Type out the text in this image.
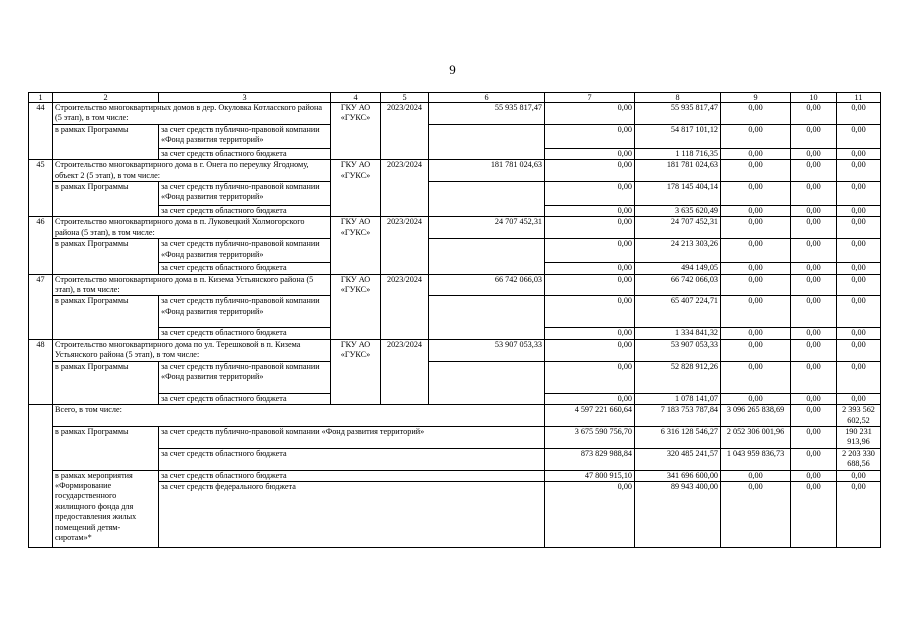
9
1	2	3	4	5	6	7	8	9	10	11
44	Строительство многоквартирных домов в дер. Окуловка Котласского района (5 этап), в том числе:		ГКУ АО «ГУКС»	2023/2024	55 935 817,47	0,00	55 935 817,47	0,00	0,00	0,00
	в рамках Программы	за счет средств публично-правовой компании «Фонд развития территорий»				0,00	54 817 101,12	0,00	0,00	0,00
		за счет средств областного бюджета				0,00	1 118 716,35	0,00	0,00	0,00
45	Строительство многоквартирного дома в г. Онега по переулку Ягодному, объект 2 (5 этап), в том числе:		ГКУ АО «ГУКС»	2023/2024	181 781 024,63	0,00	181 781 024,63	0,00	0,00	0,00
	в рамках Программы	за счет средств публично-правовой компании «Фонд развития территорий»				0,00	178 145 404,14	0,00	0,00	0,00
		за счет средств областного бюджета				0,00	3 635 620,49	0,00	0,00	0,00
46	Строительство многоквартирного дома в п. Луковецкий Холмогорского района (5 этап), в том числе:		ГКУ АО «ГУКС»	2023/2024	24 707 452,31	0,00	24 707 452,31	0,00	0,00	0,00
	в рамках Программы	за счет средств публично-правовой компании «Фонд развития территорий»				0,00	24 213 303,26	0,00	0,00	0,00
		за счет средств областного бюджета				0,00	494 149,05	0,00	0,00	0,00
47	Строительство многоквартирного дома в п. Кизема Устьянского района (5 этап), в том числе:		ГКУ АО «ГУКС»	2023/2024	66 742 066,03	0,00	66 742 066,03	0,00	0,00	0,00
	в рамках Программы	за счет средств публично-правовой компании «Фонд развития территорий»				0,00	65 407 224,71	0,00	0,00	0,00
		за счет средств областного бюджета				0,00	1 334 841,32	0,00	0,00	0,00
48	Строительство многоквартирного дома по ул. Терешковой в п. Кизема Устьянского района (5 этап), в том числе:		ГКУ АО «ГУКС»	2023/2024	53 907 053,33	0,00	53 907 053,33	0,00	0,00	0,00
	в рамках Программы	за счет средств публично-правовой компании «Фонд развития территорий»				0,00	52 828 912,26	0,00	0,00	0,00
		за счет средств областного бюджета				0,00	1 078 141,07	0,00	0,00	0,00
	Всего, в том числе:					4 597 221 660,64	7 183 753 787,84	3 096 265 838,69	0,00	2 393 562 602,52
	в рамках Программы	за счет средств публично-правовой компании «Фонд развития территорий»				3 675 590 756,70	6 316 128 546,27	2 052 306 001,96	0,00	190 231 913,96
		за счет средств областного бюджета				873 829 988,84	320 485 241,57	1 043 959 836,73	0,00	2 203 330 688,56
	в рамках мероприятия «Формирование государственного жилищного фонда для предоставления жилых помещений детям-сиротам»*	за счет средств областного бюджета				47 800 915,10	341 696 600,00	0,00	0,00	0,00
		за счет средств федерального бюджета				0,00	89 943 400,00	0,00	0,00	0,00
